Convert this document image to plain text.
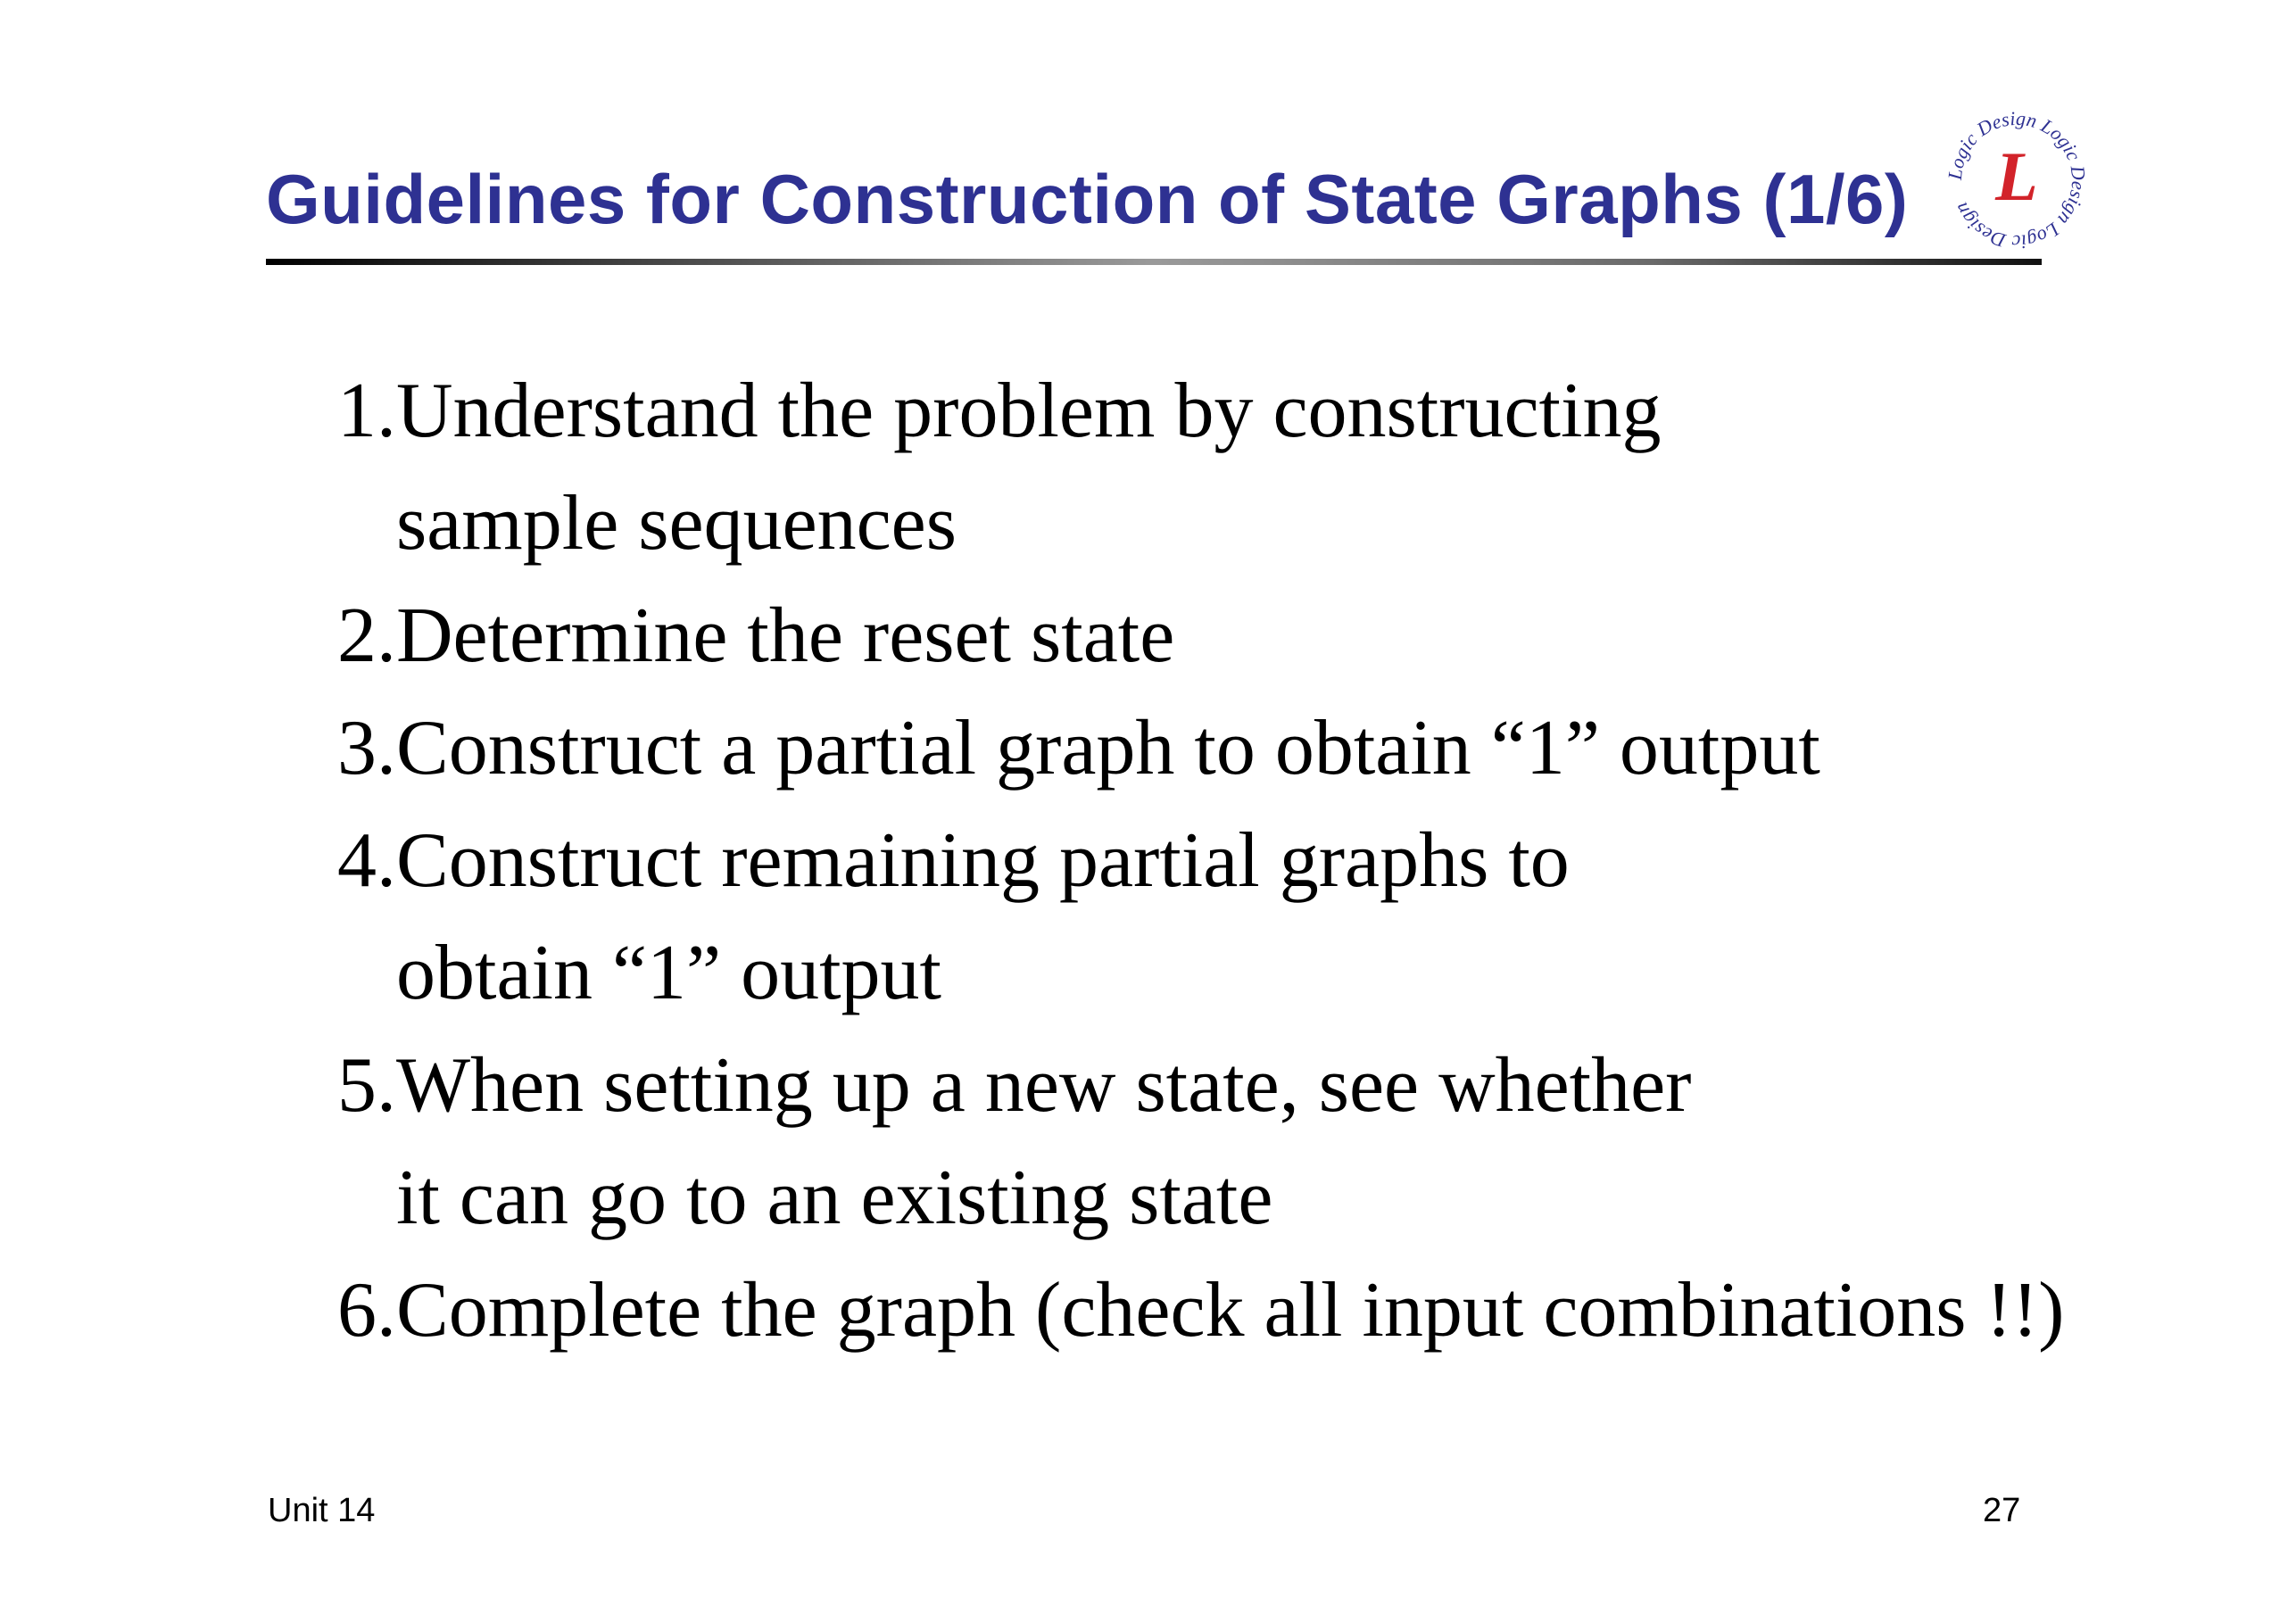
Guidelines for Construction of State Graphs (1/6) Logic Design Logic Design Logic Design L
1.Understand the problem by constructing
sample sequences
2.Determine the reset state
3.Construct a partial graph to obtain “1” output
4.Construct remaining partial graphs to
obtain “1” output
5.When setting up a new state, see whether
it can go to an existing state
6.Complete the graph (check all input combinations !!)
Unit 14	27
